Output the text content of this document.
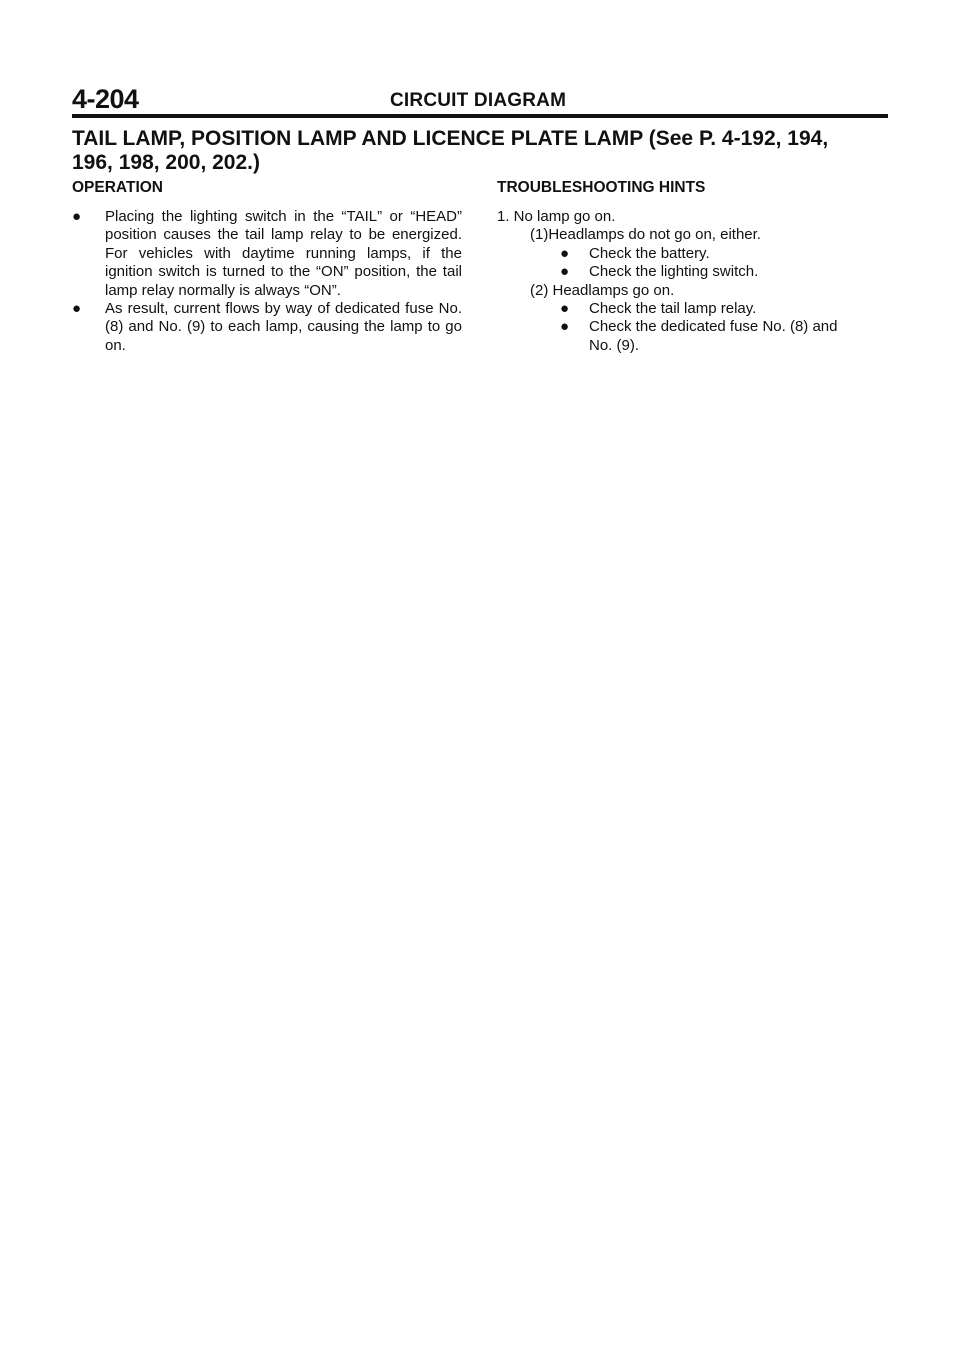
4-204	CIRCUIT DIAGRAM
TAIL LAMP, POSITION LAMP AND LICENCE PLATE LAMP (See P. 4-192, 194, 196, 198, 200, 202.)
OPERATION
● Placing the lighting switch in the “TAIL” or “HEAD” position causes the tail lamp relay to be energized. For vehicles with daytime running lamps, if the ignition switch is turned to the “ON” position, the tail lamp relay normally is always “ON”.
● As result, current flows by way of dedicated fuse No. (8) and No. (9) to each lamp, causing the lamp to go on.
TROUBLESHOOTING HINTS
1. No lamp go on.
(1)Headlamps do not go on, either.
● Check the battery.
● Check the lighting switch.
(2) Headlamps go on.
● Check the tail lamp relay.
● Check the dedicated fuse No. (8) and
No. (9).
